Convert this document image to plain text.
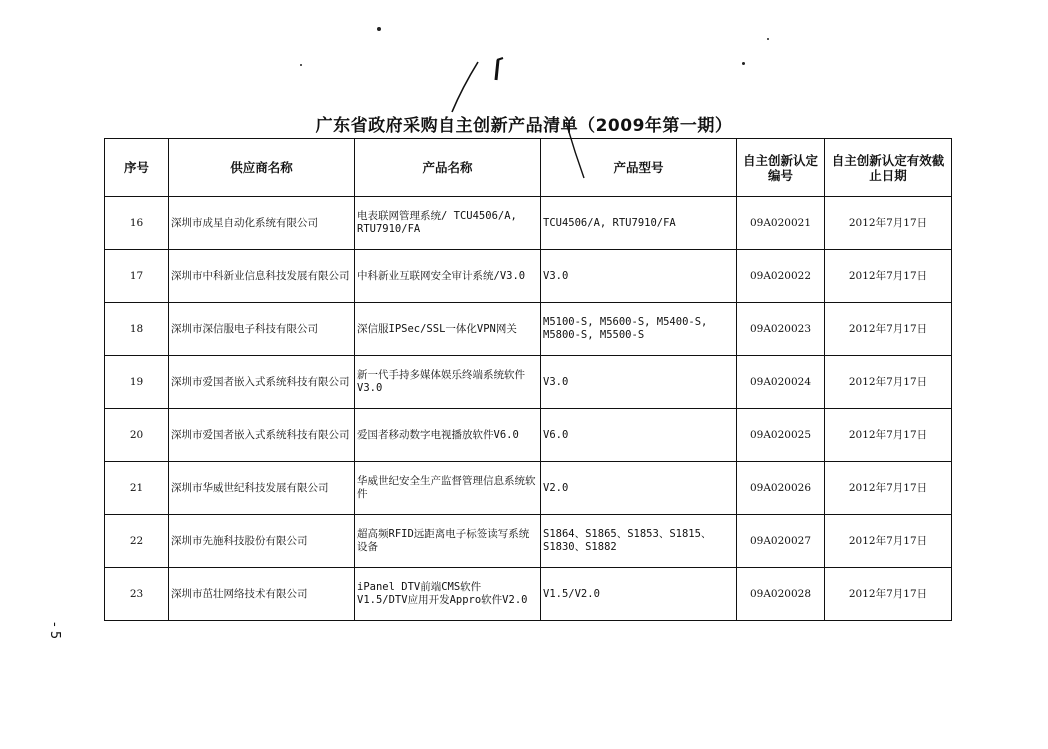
广东省政府采购自主创新产品清单（2009年第一期）
序号	供应商名称	产品名称	产品型号	自主创新认定编号	自主创新认定有效截止日期
16	深圳市成星自动化系统有限公司	电表联网管理系统/ TCU4506/A, RTU7910/FA	TCU4506/A, RTU7910/FA	09A020021	2012年7月17日
17	深圳市中科新业信息科技发展有限公司	中科新业互联网安全审计系统/V3.0	V3.0	09A020022	2012年7月17日
18	深圳市深信服电子科技有限公司	深信服IPSec/SSL一体化VPN网关	M5100-S, M5600-S, M5400-S, M5800-S, M5500-S	09A020023	2012年7月17日
19	深圳市爱国者嵌入式系统科技有限公司	新一代手持多媒体娱乐终端系统软件V3.0	V3.0	09A020024	2012年7月17日
20	深圳市爱国者嵌入式系统科技有限公司	爱国者移动数字电视播放软件V6.0	V6.0	09A020025	2012年7月17日
21	深圳市华威世纪科技发展有限公司	华威世纪安全生产监督管理信息系统软件	V2.0	09A020026	2012年7月17日
22	深圳市先施科技股份有限公司	超高频RFID远距离电子标签读写系统设备	S1864、S1865、S1853、S1815、S1830、S1882	09A020027	2012年7月17日
23	深圳市茁壮网络技术有限公司	iPanel DTV前端CMS软件 V1.5/DTV应用开发Appro软件V2.0	V1.5/V2.0	09A020028	2012年7月17日
- 5
